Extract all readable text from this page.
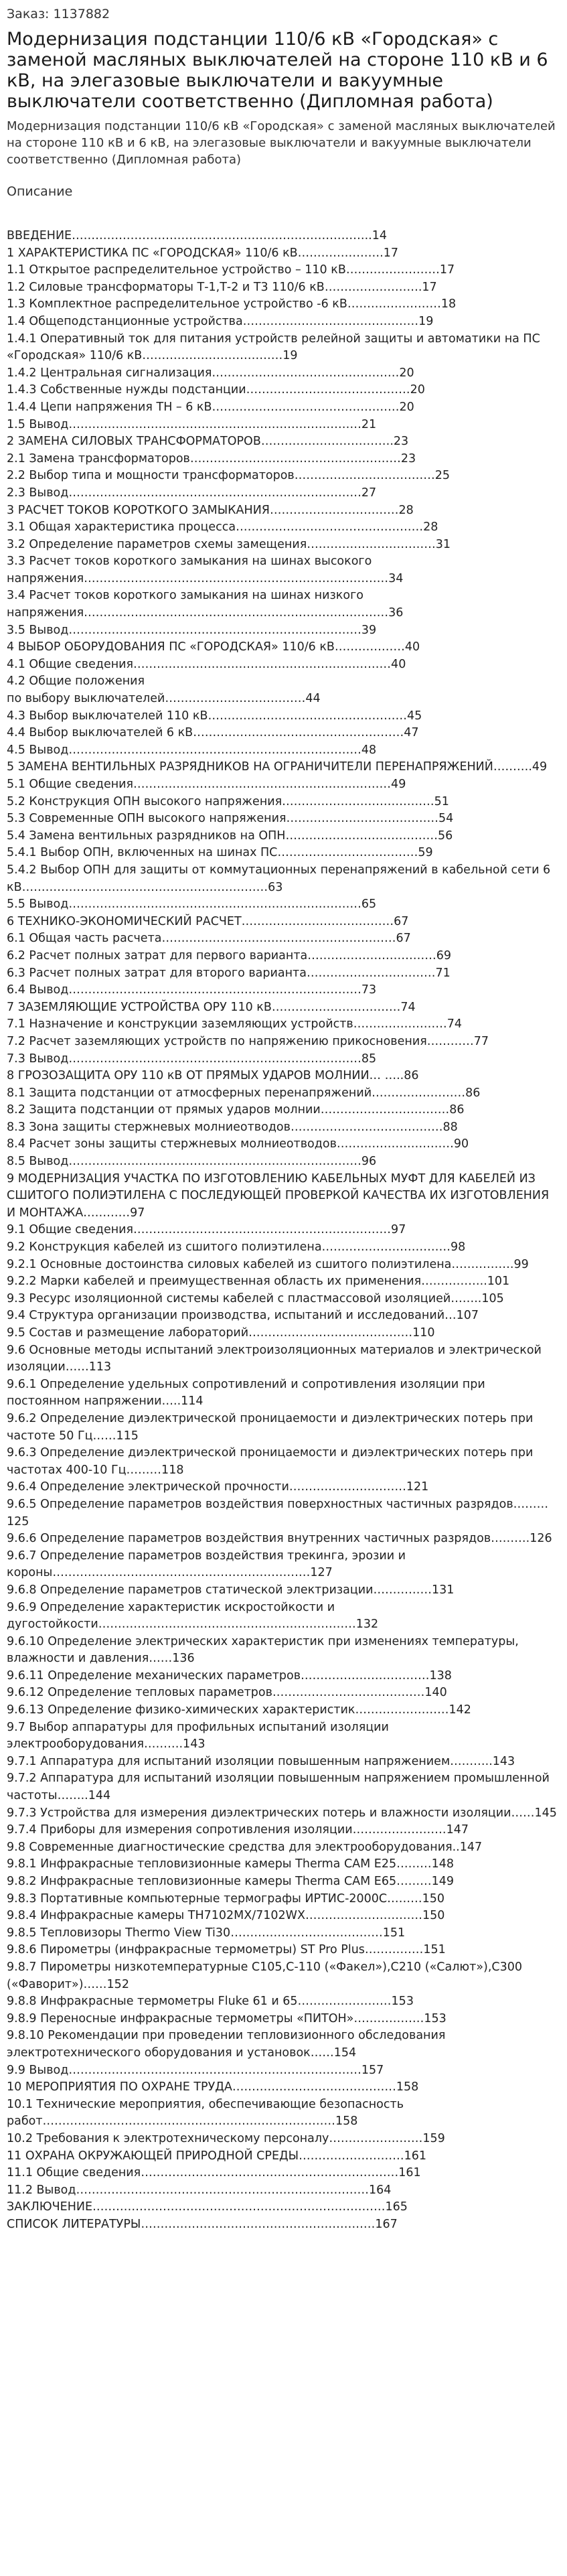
Заказ: 1137882
Модернизация подстанции 110/6 кВ «Городская» с заменой масляных выключателей на стороне 110 кВ и 6 кВ, на элегазовые выключатели и вакуумные выключатели соответственно (Дипломная работа)
Модернизация подстанции 110/6 кВ «Городская» с заменой масляных выключателей на стороне 110 кВ и 6 кВ, на элегазовые выключатели и вакуумные выключатели соответственно (Дипломная работа)
Описание
ВВЕДЕНИЕ…………………………………………………………………..14
1 ХАРАКТЕРИСТИКА ПС «ГОРОДСКАЯ» 110/6 кВ………………….17
1.1 Открытое распределительное устройство – 110 кВ……………………17
1.2 Силовые трансформаторы Т-1,Т-2 и Т3 110/6 кВ…………………….17
1.3 Комплектное распределительное устройство -6 кВ……………………18
1.4 Общеподстанционные устройства………………………………………19
1.4.1 Оперативный ток для питания устройств релейной защиты и автоматики на ПС «Городская» 110/6 кВ………………………………19
1.4.2 Центральная сигнализация…………………………………………20
1.4.3 Собственные нужды подстанции……………………………………20
1.4.4 Цепи напряжения ТН – 6 кВ…………………………………………20
1.5 Вывод…………………………………………………………………21
2 ЗАМЕНА СИЛОВЫХ ТРАНСФОРМАТОРОВ…………………………….23
2.1 Замена трансформаторов………………………………………………23
2.2 Выбор типа и мощности трансформаторов………………………………25
2.3 Вывод…………………………………………………………………27
3 РАСЧЕТ ТОКОВ КОРОТКОГО ЗАМЫКАНИЯ……………………………28
3.1 Общая характеристика процесса…………………………………………28
3.2 Определение параметров схемы замещения……………………………31
3.3 Расчет токов короткого замыкания на шинах высокого напряжения……………………………………………………………………34
3.4 Расчет токов короткого замыкания на шинах низкого напряжения……………………………………………………………………36
3.5 Вывод…………………………………………………………………39
4 ВЫБОР ОБОРУДОВАНИЯ ПС «ГОРОДСКАЯ» 110/6 кВ………………40
4.1 Общие сведения…………………………………………………………40
4.2 Общие положения
по выбору выключателей………………………………44
4.3 Выбор выключателей 110 кВ……………………………………………45
4.4 Выбор выключателей 6 кВ………………………………………………47
4.5 Вывод…………………………………………………………………48
5 ЗАМЕНА ВЕНТИЛЬНЫХ РАЗРЯДНИКОВ НА ОГРАНИЧИТЕЛИ ПЕРЕНАПРЯЖЕНИЙ……….49
5.1 Общие сведения…………………………………………………………49
5.2 Конструкция ОПН высокого напряжения…………………………………51
5.3 Современные ОПН высокого напряжения…………………………………54
5.4 Замена вентильных разрядников на ОПН…………………………………56
5.4.1 Выбор ОПН, включенных на шинах ПС………………………………59
5.4.2 Выбор ОПН для защиты от коммутационных перенапряжений в кабельной сети 6 кВ………………………………………………………63
5.5 Вывод…………………………………………………………………65
6 ТЕХНИКО-ЭКОНОМИЧЕСКИЙ РАСЧЕТ…………………………………67
6.1 Общая часть расчета……………………………………………………67
6.2 Расчет полных затрат для первого варианта……………………………69
6.3 Расчет полных затрат для второго варианта……………………………71
6.4 Вывод…………………………………………………………………73
7 ЗАЗЕМЛЯЮЩИЕ УСТРОЙСТВА ОРУ 110 кВ……………………………74
7.1 Назначение и конструкции заземляющих устройств……………………74
7.2 Расчет заземляющих устройств по напряжению прикосновения…………77
7.3 Вывод…………………………………………………………………85
8 ГРОЗОЗАЩИТА ОРУ 110 кВ ОТ ПРЯМЫХ УДАРОВ МОЛНИИ… …..86
8.1 Защита подстанции от атмосферных перенапряжений……………………86
8.2 Защита подстанции от прямых ударов молнии……………………………86
8.3 Зона защиты стержневых молниеотводов…………………………………88
8.4 Расчет зоны защиты стержневых молниеотводов…………………………90
8.5 Вывод…………………………………………………………………96
9 МОДЕРНИЗАЦИЯ УЧАСТКА ПО ИЗГОТОВЛЕНИЮ КАБЕЛЬНЫХ МУФТ ДЛЯ КАБЕЛЕЙ ИЗ СШИТОГО ПОЛИЭТИЛЕНА С ПОСЛЕДУЮЩЕЙ ПРОВЕРКОЙ КАЧЕСТВА ИХ ИЗГОТОВЛЕНИЯ И МОНТАЖА…………97
9.1 Общие сведения…………………………………………………………97
9.2 Конструкция кабелей из сшитого полиэтилена……………………………98
9.2.1 Основные достоинства силовых кабелей из сшитого полиэтилена…………….99
9.2.2 Марки кабелей и преимущественная область их применения……………..101
9.3 Ресурс изоляционной системы кабелей с пластмассовой изоляцией……..105
9.4 Структура организации производства, испытаний и исследований…107
9.5 Состав и размещение лабораторий……………………………………110
9.6 Основные методы испытаний электроизоляционных материалов и электрической изоляции……113
9.6.1 Определение удельных сопротивлений и сопротивления изоляции при постоянном напряжении…..114
9.6.2 Определение диэлектрической проницаемости и диэлектрических потерь при частоте 50 Гц……115
9.6.3 Определение диэлектрической проницаемости и диэлектрических потерь при частотах 400-10 Гц………118
9.6.4 Определение электрической прочности…………………………121
9.6.5 Определение параметров воздействия поверхностных частичных разрядов………125
9.6.6 Определение параметров воздействия внутренних частичных разрядов……….126
9.6.7 Определение параметров воздействия трекинга, эрозии и короны…………………………………………………………127
9.6.8 Определение параметров статической электризации……………131
9.6.9 Определение характеристик искростойкости и дугостойкости…………………………………………………………132
9.6.10 Определение электрических характеристик при изменениях температуры, влажности и давления……136
9.6.11 Определение механических параметров……………………………138
9.6.12 Определение тепловых параметров…………………………………140
9.6.13 Определение физико-химических характеристик……………………142
9.7 Выбор аппаратуры для профильных испытаний изоляции электрооборудования……….143
9.7.1 Аппаратура для испытаний изоляции повышенным напряжением………..143
9.7.2 Аппаратура для испытаний изоляции повышенным напряжением промышленной частоты……..144
9.7.3 Устройства для измерения диэлектрических потерь и влажности изоляции……145
9.7.4 Приборы для измерения сопротивления изоляции……………………147
9.8 Современные диагностические средства для электрооборудования..147
9.8.1 Инфракрасные тепловизионные камеры Therma CAM E25………148
9.8.2 Инфракрасные тепловизионные камеры Therma CAM E65………149
9.8.3 Портативные компьютерные термографы ИРТИС-2000С………150
9.8.4 Инфракрасные камеры TH7102MX/7102WX…………………………150
9.8.5 Тепловизоры Thermo View Ti30…………………………………151
9.8.6 Пирометры (инфракрасные термометры) ST Pro Plus……………151
9.8.7 Пирометры низкотемпературные C105,C-110 («Факел»),C210 («Салют»),C300 («Фаворит»)……152
9.8.8 Инфракрасные термометры Fluke 61 и 65……………………153
9.8.9 Переносные инфракрасные термометры «ПИТОН»………………153
9.8.10 Рекомендации при проведении тепловизионного обследования электротехнического оборудования и установок……154
9.9 Вывод…………………………………………………………………157
10 МЕРОПРИЯТИЯ ПО ОХРАНЕ ТРУДА……………………………………158
10.1 Технические мероприятия, обеспечивающие безопасность работ…………………………………………………………………158
10.2 Требования к электротехническому персоналу……………………159
11 ОХРАНА ОКРУЖАЮЩЕЙ ПРИРОДНОЙ СРЕДЫ………………………161
11.1 Общие сведения…………………………………………………………161
11.2 Вывод…………………………………………………………………164
ЗАКЛЮЧЕНИЕ…………………………………………………………………165
СПИСОК ЛИТЕРАТУРЫ……………………………………………………167
